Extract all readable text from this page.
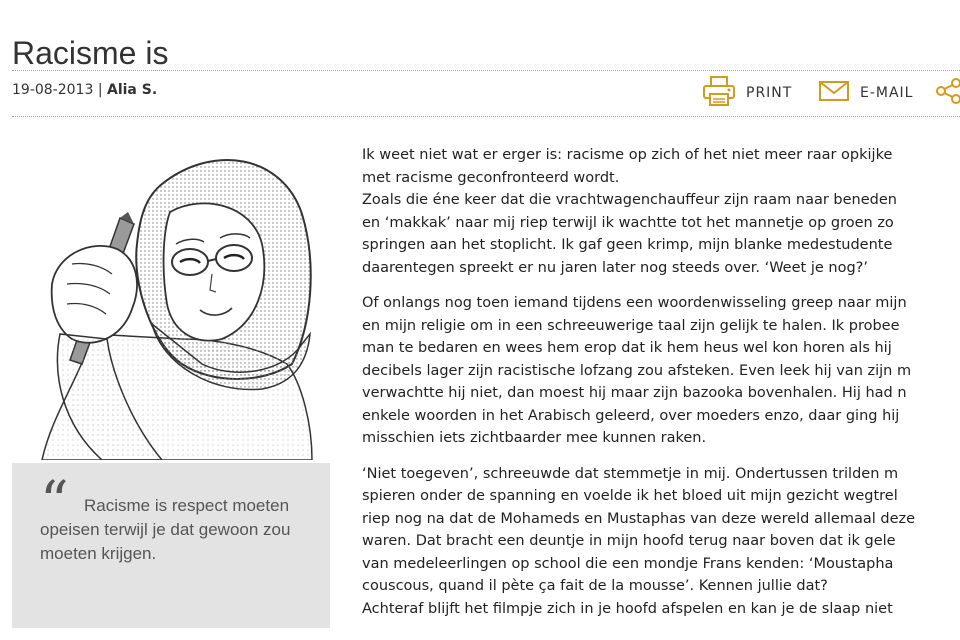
Racisme is
19-08-2013 | Alia S.	PRINT	E-MAIL
“ Racisme is respect moeten opeisen terwijl je dat gewoon zou moeten krijgen.

Ik weet niet wat er erger is: racisme op zich of het niet meer raar opkijke
met racisme geconfronteerd wordt.
Zoals die éne keer dat die vrachtwagenchauffeur zijn raam naar beneden
en ‘makkak’ naar mij riep terwijl ik wachtte tot het mannetje op groen zo
springen aan het stoplicht. Ik gaf geen krimp, mijn blanke medestudente
daarentegen spreekt er nu jaren later nog steeds over. ‘Weet je nog?’

Of onlangs nog toen iemand tijdens een woordenwisseling greep naar mijn
en mijn religie om in een schreeuwerige taal zijn gelijk te halen. Ik probee
man te bedaren en wees hem erop dat ik hem heus wel kon horen als hij
decibels lager zijn racistische lofzang zou afsteken. Even leek hij van zijn m
verwachtte hij niet, dan moest hij maar zijn bazooka bovenhalen. Hij had n
enkele woorden in het Arabisch geleerd, over moeders enzo, daar ging hij
misschien iets zichtbaarder mee kunnen raken.

‘Niet toegeven’, schreeuwde dat stemmetje in mij. Ondertussen trilden m
spieren onder de spanning en voelde ik het bloed uit mijn gezicht wegtrel
riep nog na dat de Mohameds en Mustaphas van deze wereld allemaal deze
waren. Dat bracht een deuntje in mijn hoofd terug naar boven dat ik gele
van medeleerlingen op school die een mondje Frans kenden: ‘Moustapha
couscous, quand il pète ça fait de la mousse’. Kennen jullie dat?
Achteraf blijft het filmpje zich in je hoofd afspelen en kan je de slaap niet
